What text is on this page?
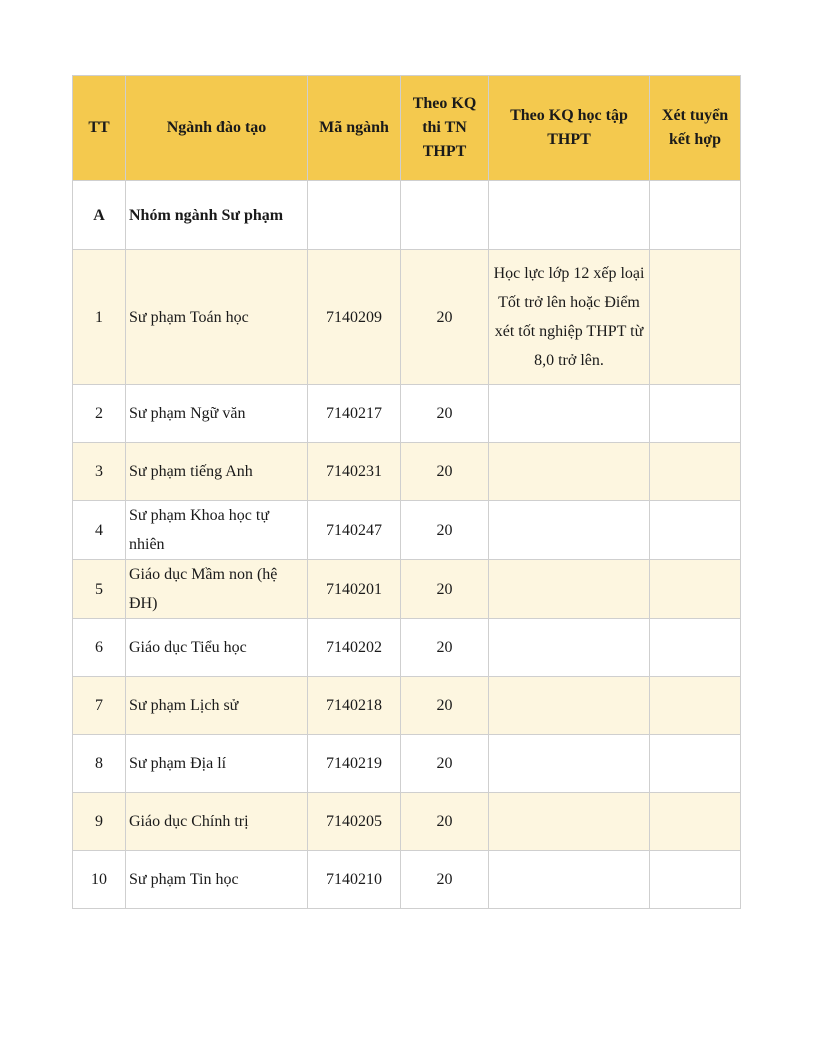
TT	Ngành đào tạo	Mã ngành	Theo KQ thi TN THPT	Theo KQ học tập THPT	Xét tuyển kết hợp
A	Nhóm ngành Sư phạm				
1	Sư phạm Toán học	7140209	20	Học lực lớp 12 xếp loại Tốt trở lên hoặc Điểm xét tốt nghiệp THPT từ 8,0 trở lên.	
2	Sư phạm Ngữ văn	7140217	20		
3	Sư phạm tiếng Anh	7140231	20		
4	Sư phạm Khoa học tự nhiên	7140247	20		
5	Giáo dục Mầm non (hệ ĐH)	7140201	20		
6	Giáo dục Tiểu học	7140202	20		
7	Sư phạm Lịch sử	7140218	20		
8	Sư phạm Địa lí	7140219	20		
9	Giáo dục Chính trị	7140205	20		
10	Sư phạm Tin học	7140210	20		
